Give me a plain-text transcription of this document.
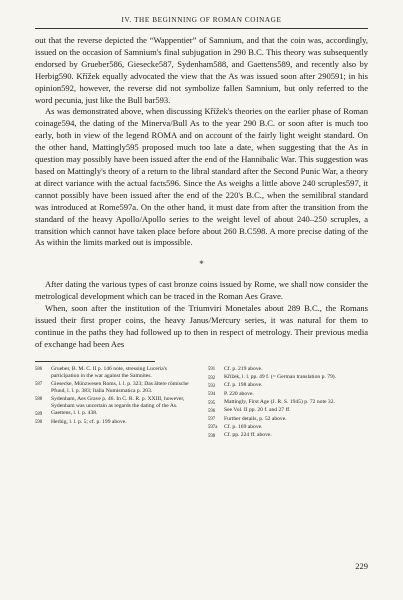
IV. THE BEGINNING OF ROMAN COINAGE

out that the reverse depicted the “Wappentier” of Samnium, and that the coin was, accordingly, issued on the occasion of Samnium's final subjugation in 290 B.C. This theory was subsequently endorsed by Grueber586, Giesecke587, Sydenham588, and Gaettens589, and recently also by Herbig590. Křížek equally advocated the view that the As was issued soon after 290591; in his opinion592, however, the reverse did not symbolize fallen Samnium, but only referred to the word pecunia, just like the Bull bar593.

As was demonstrated above, when discussing Křížek's theories on the earlier phase of Roman coinage594, the dating of the Minerva/Bull As to the year 290 B.C. or soon after is much too early, both in view of the legend ROMA and on account of the fairly light weight standard. On the other hand, Mattingly595 proposed much too late a date, when suggesting that the As in question may possibly have been issued after the end of the Hannibalic War. This suggestion was based on Mattingly's theory of a return to the libral standard after the Second Punic War, a theory at direct variance with the actual facts596. Since the As weighs a little above 240 scruples597, it cannot possibly have been issued after the end of the 220's B.C., when the semilibral standard was introduced at Rome597a. On the other hand, it must date from after the transition from the standard of the heavy Apollo/Apollo series to the weight level of about 240–250 scruples, a transition which cannot have taken place before about 260 B.C598. A more precise dating of the As within the limits marked out is impossible.

*

After dating the various types of cast bronze coins issued by Rome, we shall now consider the metrological development which can be traced in the Roman Aes Grave.

When, soon after the institution of the Triumviri Monetales about 289 B.C., the Romans issued their first proper coins, the heavy Janus/Mercury series, it was natural for them to continue in the paths they had followed up to then in respect of metrology. Their previous media of exchange had been Aes

586	Grueber, B. M. C. II p. 146 note, stressing Luceria's participation in the war against the Samnites.
587	Giesecke, Münzwesen Roms, l. l. p. 323; Das ältere römische Pfund, l. l. p. 383; Italia Numismatica p. 203.
588	Sydenham, Aes Grave p. 46. In C. R. R. p. XXIII, however, Sydenham was uncertain as regards the dating of the As.
589	Gaettens, l. l. p. 438.
590	Herbig, l. l. p. 5; cf. p. 199 above.
591	Cf. p. 219 above.
592	Křížek, l. l. pp. 49 f. (= German translation p. 79).
593	Cf. p. 198 above.
594	P. 220 above.
595	Mattingly, First Age (J. R. S. 1945) p. 72 note 32.
596	See Vol. II pp. 20 f. and 27 ff.
597	Further details, p. 52 above.
597a	Cf. p. 169 above.
598	Cf. pp. 224 ff. above.
229
